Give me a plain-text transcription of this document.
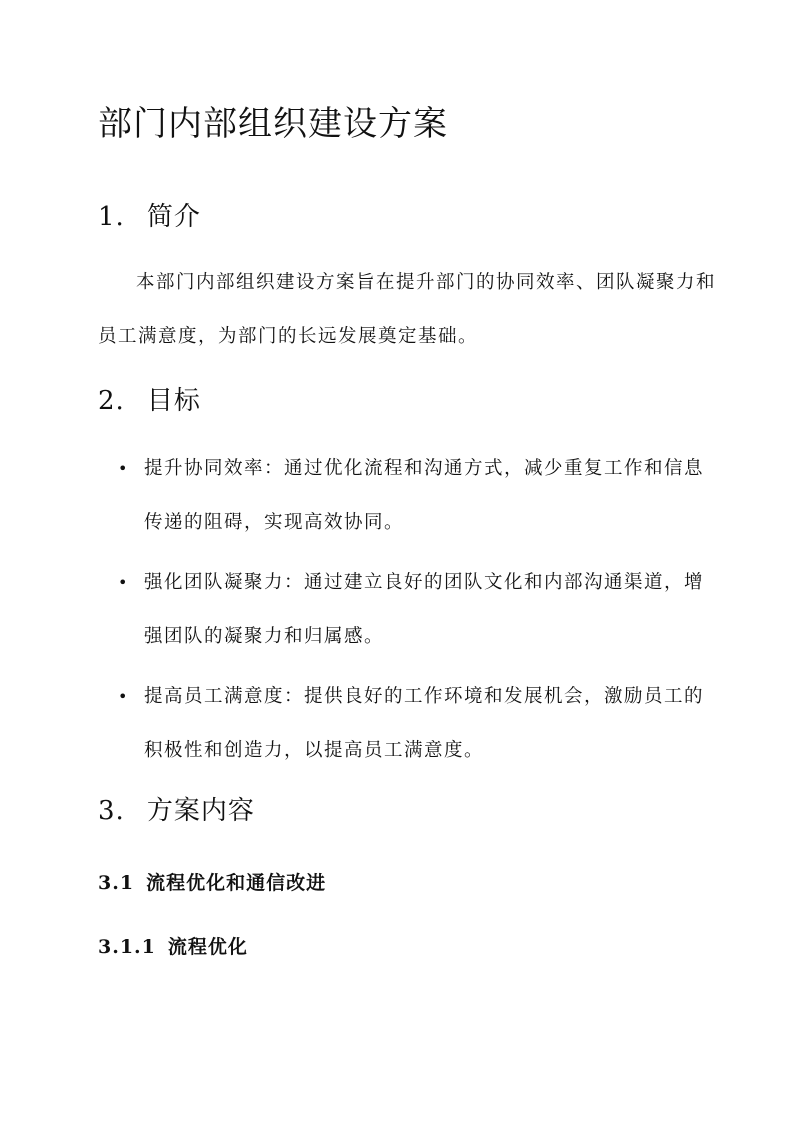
部门内部组织建设方案
1. 简介

本部门内部组织建设方案旨在提升部门的协同效率、团队凝聚力和员工满意度，为部门的长远发展奠定基础。

2. 目标
• 提升协同效率：通过优化流程和沟通方式，减少重复工作和信息传递的阻碍，实现高效协同。
• 强化团队凝聚力：通过建立良好的团队文化和内部沟通渠道，增强团队的凝聚力和归属感。
• 提高员工满意度：提供良好的工作环境和发展机会，激励员工的积极性和创造力，以提高员工满意度。
3. 方案内容
3.1 流程优化和通信改进
3.1.1 流程优化
